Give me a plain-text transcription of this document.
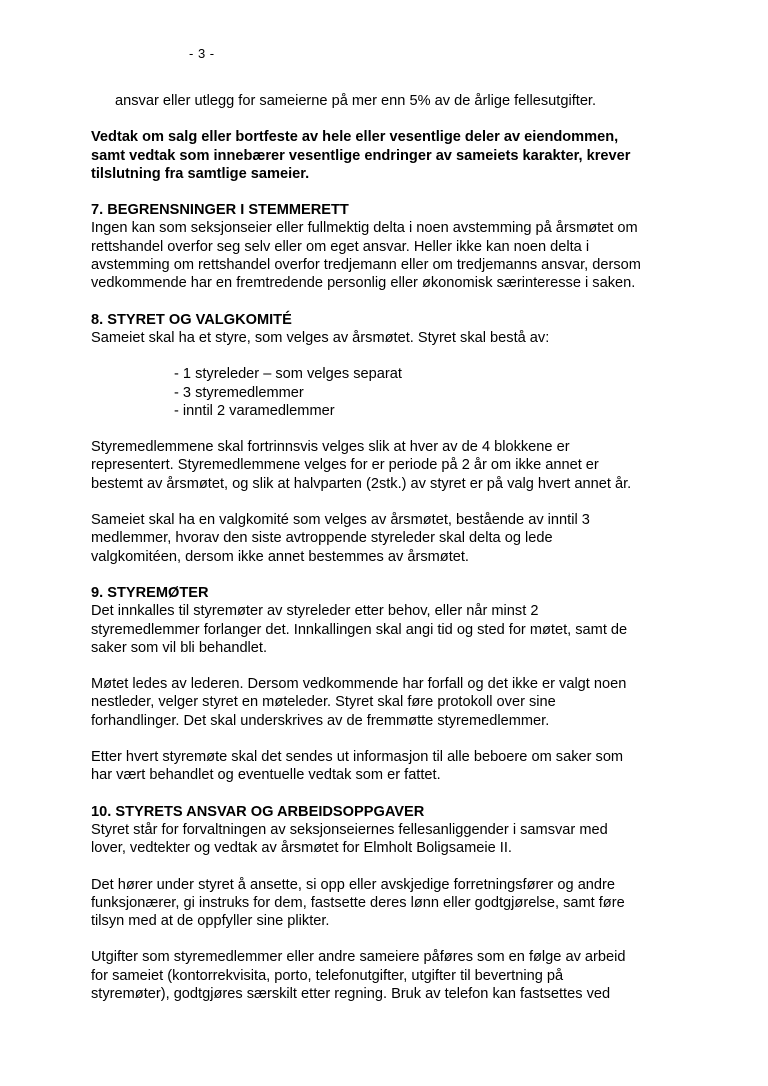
- 3 -

ansvar eller utlegg for sameierne på mer enn 5% av de årlige fellesutgifter.

Vedtak om salg eller bortfeste av hele eller vesentlige deler av eiendommen,
samt vedtak som innebærer vesentlige endringer av sameiets karakter, krever
tilslutning fra samtlige sameier.
7. BEGRENSNINGER I STEMMERETT
Ingen kan som seksjonseier eller fullmektig delta i noen avstemming på årsmøtet om
rettshandel overfor seg selv eller om eget ansvar. Heller ikke kan noen delta i
avstemming om rettshandel overfor tredjemann eller om tredjemanns ansvar, dersom
vedkommende har en fremtredende personlig eller økonomisk særinteresse i saken.
8. STYRET OG VALGKOMITÉ
Sameiet skal ha et styre, som velges av årsmøtet. Styret skal bestå av:
- 1 styreleder – som velges separat
- 3 styremedlemmer
- inntil 2 varamedlemmer
Styremedlemmene skal fortrinnsvis velges slik at hver av de 4 blokkene er
representert. Styremedlemmene velges for er periode på 2 år om ikke annet er
bestemt av årsmøtet, og slik at halvparten (2stk.) av styret er på valg hvert annet år.
Sameiet skal ha en valgkomité som velges av årsmøtet, bestående av inntil 3
medlemmer, hvorav den siste avtroppende styreleder skal delta og lede
valgkomitéen, dersom ikke annet bestemmes av årsmøtet.
9. STYREMØTER
Det innkalles til styremøter av styreleder etter behov, eller når minst 2
styremedlemmer forlanger det. Innkallingen skal angi tid og sted for møtet, samt de
saker som vil bli behandlet.
Møtet ledes av lederen. Dersom vedkommende har forfall og det ikke er valgt noen
nestleder, velger styret en møteleder. Styret skal føre protokoll over sine
forhandlinger. Det skal underskrives av de fremmøtte styremedlemmer.
Etter hvert styremøte skal det sendes ut informasjon til alle beboere om saker som
har vært behandlet og eventuelle vedtak som er fattet.
10. STYRETS ANSVAR OG ARBEIDSOPPGAVER
Styret står for forvaltningen av seksjonseiernes fellesanliggender i samsvar med
lover, vedtekter og vedtak av årsmøtet for Elmholt Boligsameie II.
Det hører under styret å ansette, si opp eller avskjedige forretningsfører og andre
funksjonærer, gi instruks for dem, fastsette deres lønn eller godtgjørelse, samt føre
tilsyn med at de oppfyller sine plikter.
Utgifter som styremedlemmer eller andre sameiere påføres som en følge av arbeid
for sameiet (kontorrekvisita, porto, telefonutgifter, utgifter til bevertning på
styremøter), godtgjøres særskilt etter regning. Bruk av telefon kan fastsettes ved
